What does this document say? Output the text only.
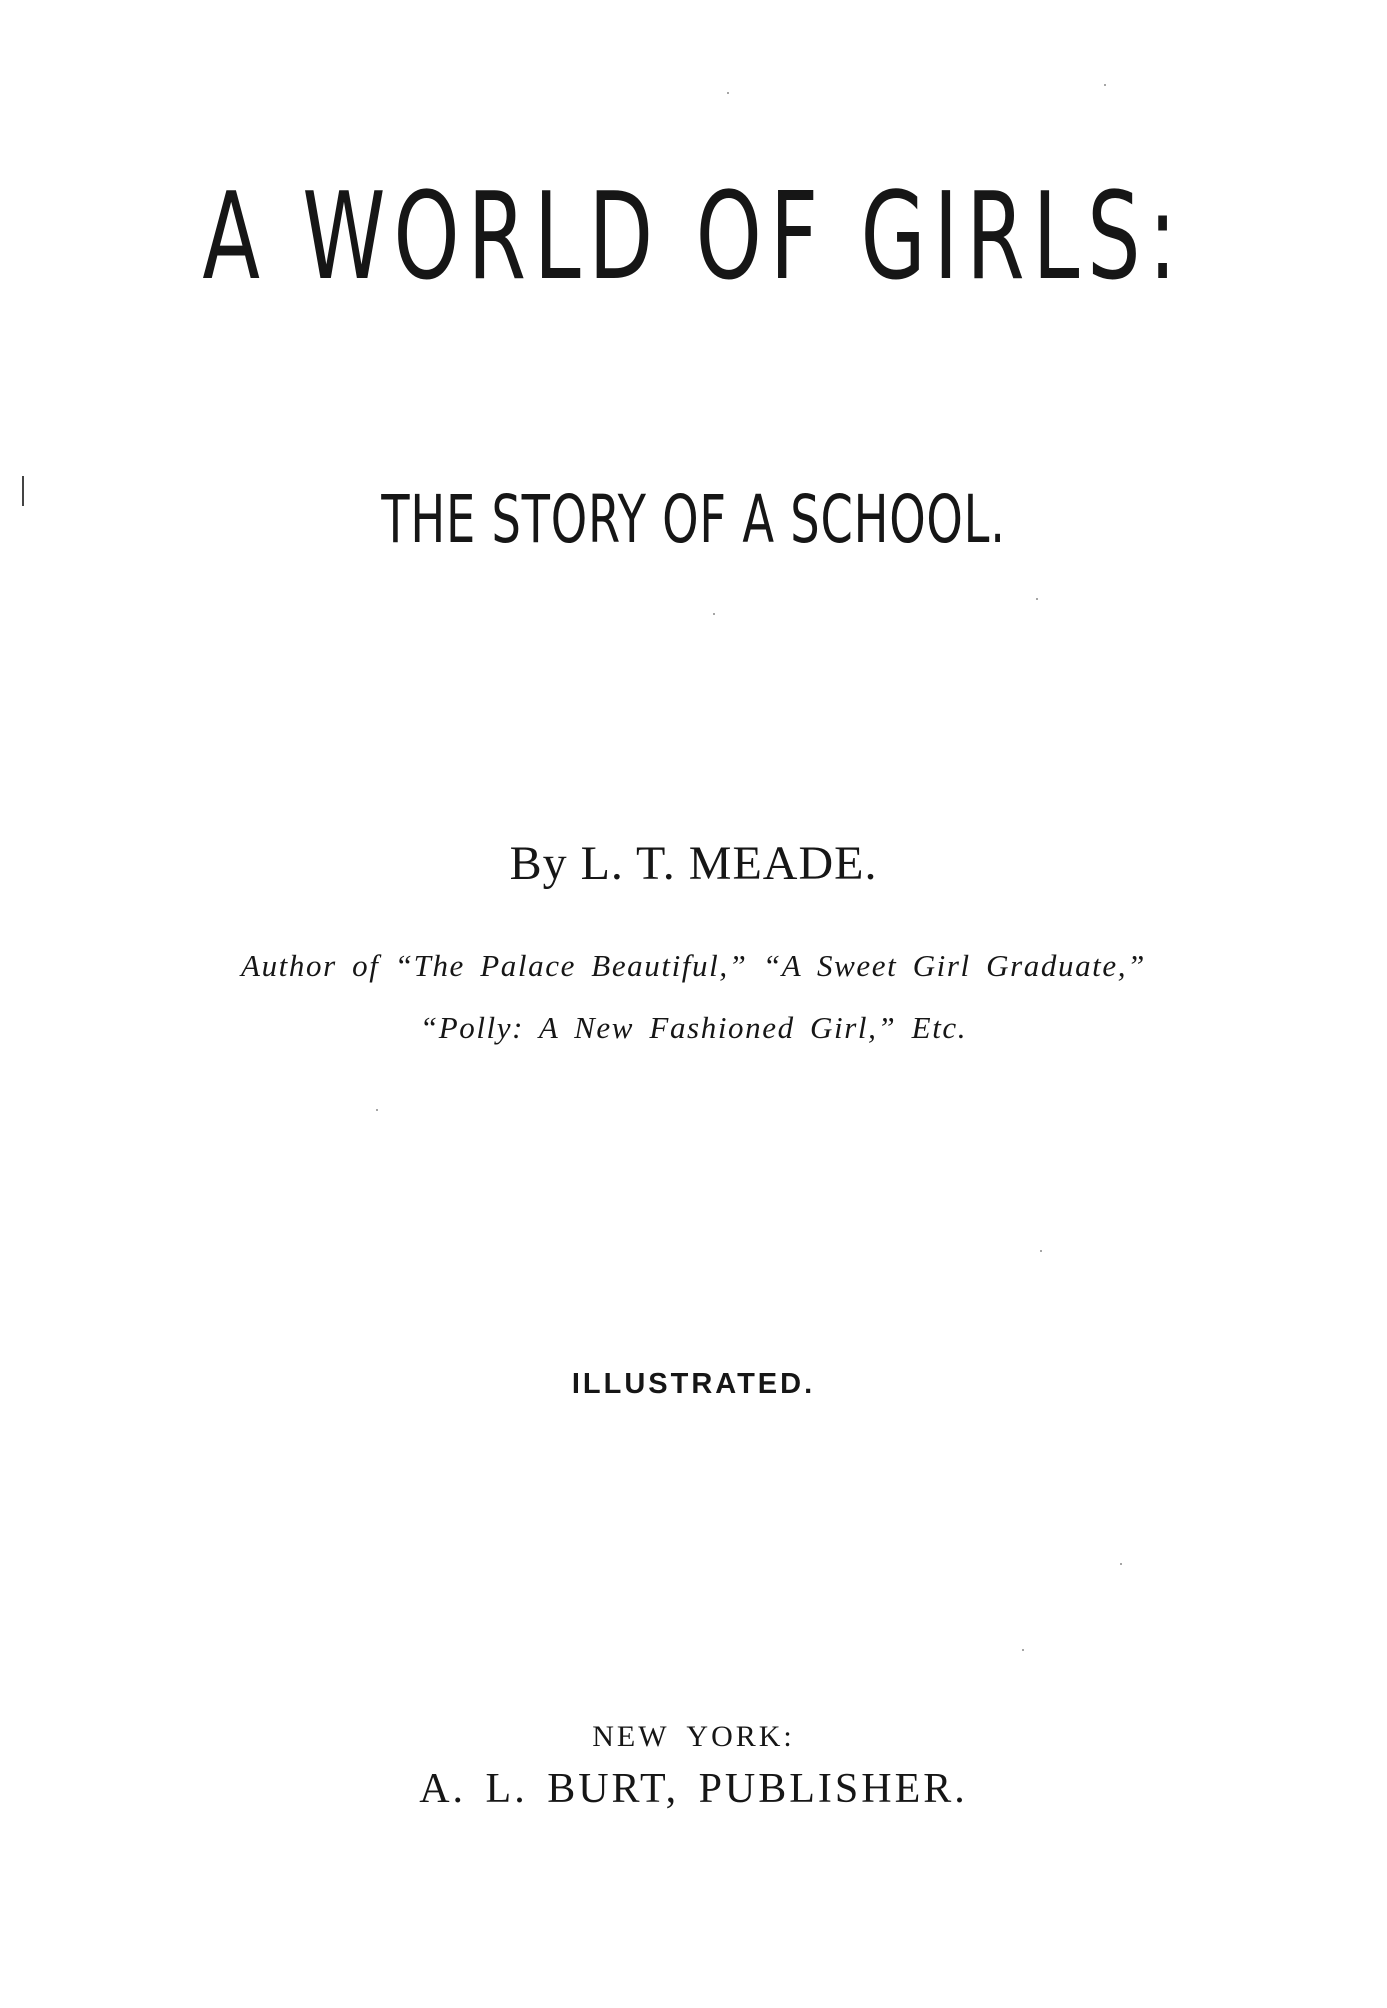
A WORLD OF GIRLS:
THE STORY OF A SCHOOL.
By L. T. MEADE.
Author of “The Palace Beautiful,” “A Sweet Girl Graduate,”
“Polly: A New Fashioned Girl,” Etc.
ILLUSTRATED.
NEW YORK:
A. L. BURT, PUBLISHER.
